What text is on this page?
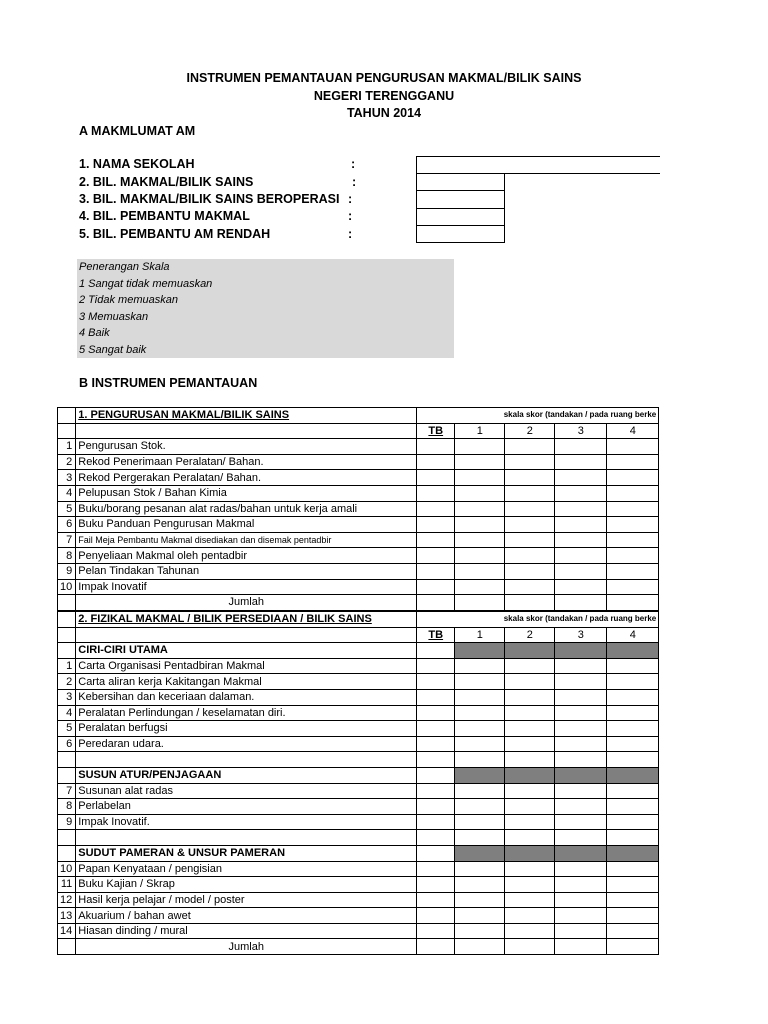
INSTRUMEN PEMANTAUAN PENGURUSAN MAKMAL/BILIK SAINS
NEGERI TERENGGANU
TAHUN 2014
A MAKMLUMAT AM
1. NAMA SEKOLAH	:
2. BIL. MAKMAL/BILIK SAINS	:
3. BIL. MAKMAL/BILIK SAINS BEROPERASI :
4. BIL. PEMBANTU MAKMAL	:
5. BIL. PEMBANTU AM RENDAH	:
Penerangan Skala
1 Sangat tidak memuaskan
2 Tidak memuaskan
3 Memuaskan
4 Baik
5 Sangat baik
B INSTRUMEN PEMANTAUAN
	1. PENGURUSAN MAKMAL/BILIK SAINS		skala skor (tandakan / pada ruang berke			
		TB	1	2	3	4
1	Pengurusan Stok.					
2	Rekod Penerimaan Peralatan/ Bahan.					
3	Rekod Pergerakan Peralatan/ Bahan.					
4	Pelupusan Stok / Bahan Kimia					
5	Buku/borang pesanan alat radas/bahan untuk kerja amali					
6	Buku Panduan Pengurusan Makmal					
7	Fail Meja Pembantu Makmal disediakan dan disemak pentadbir					
8	Penyeliaan Makmal oleh pentadbir					
9	Pelan Tindakan Tahunan					
10	Impak Inovatif					
	Jumlah					
	2. FIZIKAL MAKMAL / BILIK PERSEDIAAN / BILIK SAINS		skala skor (tandakan / pada ruang berke			
		TB	1	2	3	4
	CIRI-CIRI UTAMA					
1	Carta Organisasi Pentadbiran Makmal					
2	Carta aliran kerja Kakitangan Makmal					
3	Kebersihan dan keceriaan dalaman.					
4	Peralatan Perlindungan / keselamatan diri.					
5	Peralatan berfugsi					
6	Peredaran udara.					

	SUSUN ATUR/PENJAGAAN					
7	Susunan alat radas					
8	Perlabelan					
9	Impak Inovatif.					

	SUDUT PAMERAN & UNSUR PAMERAN					
10	Papan Kenyataan / pengisian					
11	Buku Kajian / Skrap					
12	Hasil kerja pelajar / model / poster					
13	Akuarium / bahan awet					
14	Hiasan dinding / mural					
	Jumlah					
